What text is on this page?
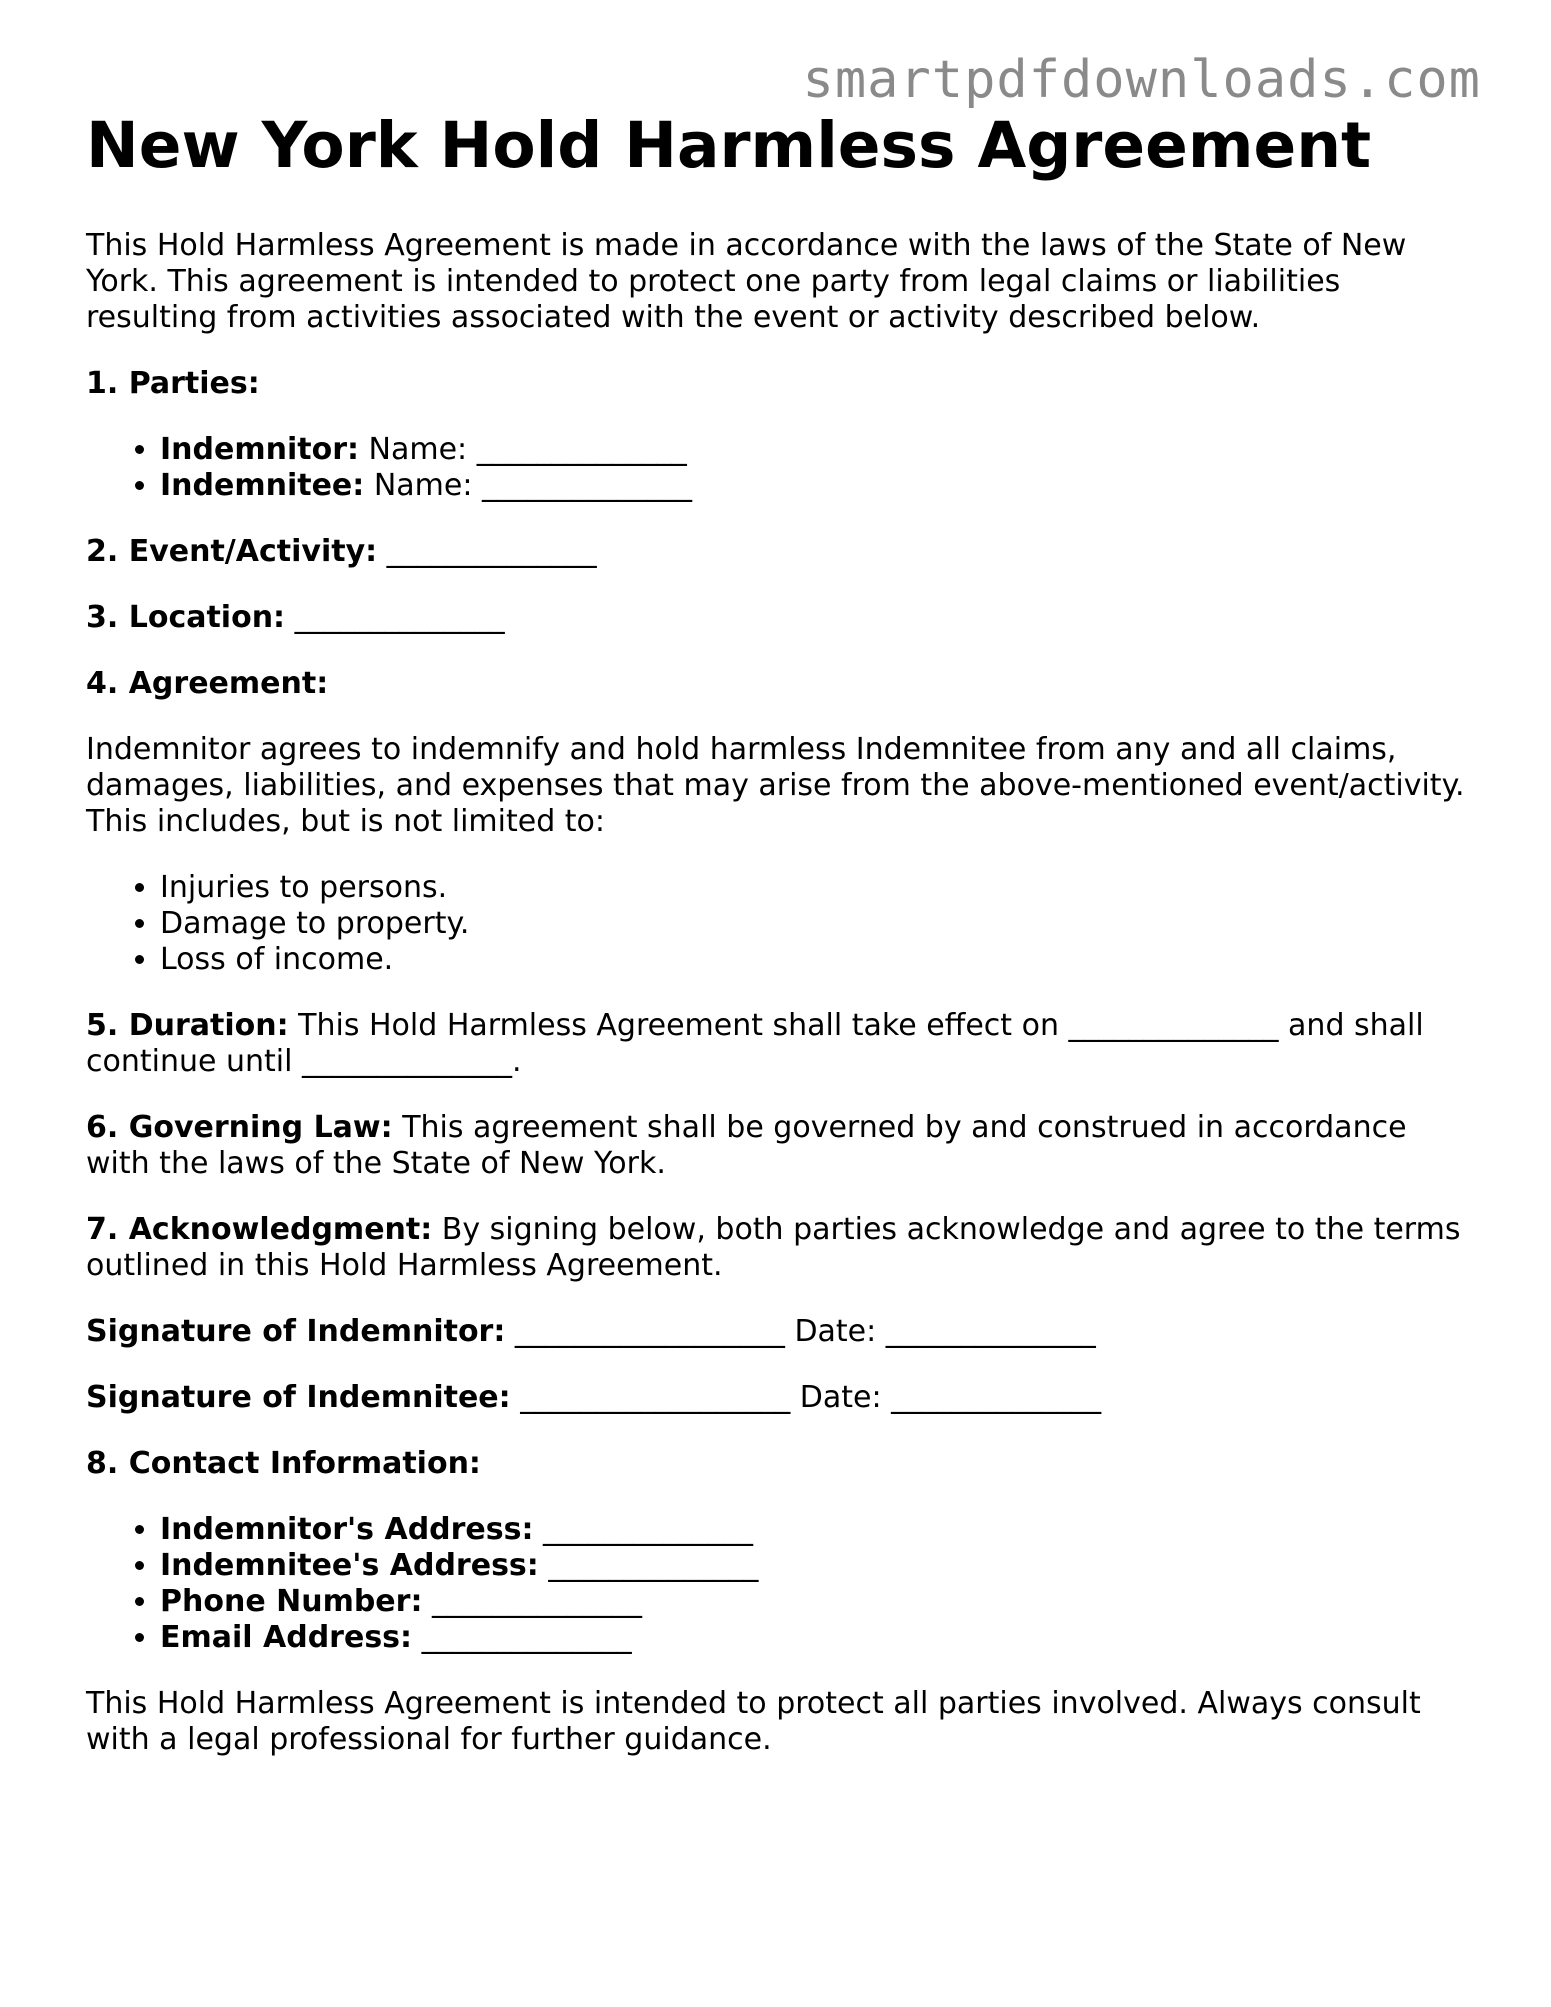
smartpdfdownloads.com
New York Hold Harmless Agreement

This Hold Harmless Agreement is made in accordance with the laws of the State of New York. This agreement is intended to protect one party from legal claims or liabilities resulting from activities associated with the event or activity described below.

1. Parties:

• Indemnitor: Name: ______________
• Indemnitee: Name: ______________

2. Event/Activity: ______________

3. Location: ______________

4. Agreement:

Indemnitor agrees to indemnify and hold harmless Indemnitee from any and all claims, damages, liabilities, and expenses that may arise from the above-mentioned event/activity. This includes, but is not limited to:

• Injuries to persons.
• Damage to property.
• Loss of income.

5. Duration: This Hold Harmless Agreement shall take effect on ______________ and shall continue until ______________.

6. Governing Law: This agreement shall be governed by and construed in accordance with the laws of the State of New York.

7. Acknowledgment: By signing below, both parties acknowledge and agree to the terms outlined in this Hold Harmless Agreement.

Signature of Indemnitor: __________________ Date: ______________

Signature of Indemnitee: __________________ Date: ______________

8. Contact Information:

• Indemnitor's Address: ______________
• Indemnitee's Address: ______________
• Phone Number: ______________
• Email Address: ______________

This Hold Harmless Agreement is intended to protect all parties involved. Always consult with a legal professional for further guidance.
